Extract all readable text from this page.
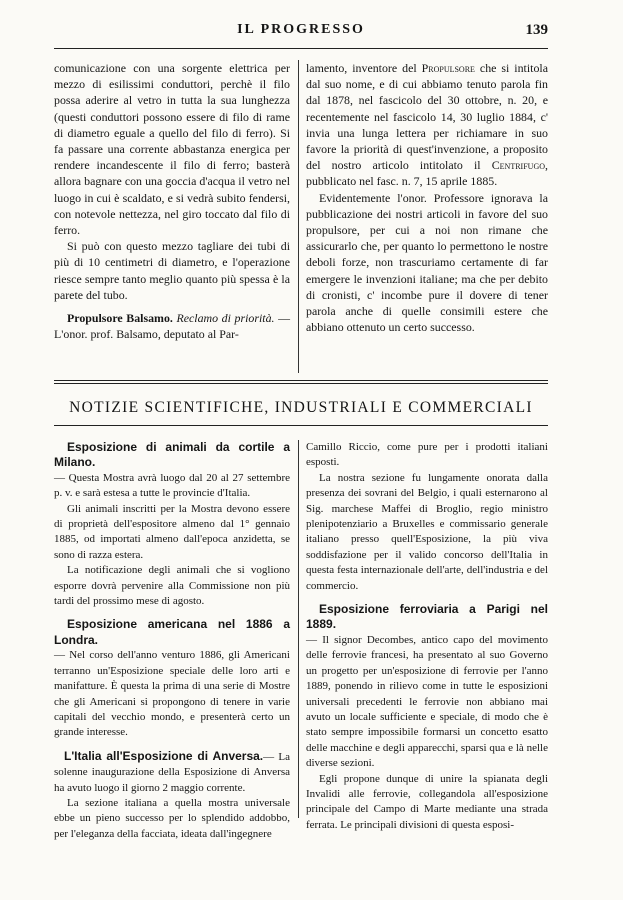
IL PROGRESSO	139

comunicazione con una sorgente elettrica per mezzo di esilissimi conduttori, perchè il filo possa aderire al vetro in tutta la sua lunghezza (questi conduttori possono essere di filo di rame di diametro eguale a quello del filo di ferro). Si fa passare una corrente abbastanza energica per rendere incandescente il filo di ferro; basterà allora bagnare con una goccia d'acqua il vetro nel luogo in cui è scaldato, e si vedrà subito fendersi, con notevole nettezza, nel giro toccato dal filo di ferro.

Si può con questo mezzo tagliare dei tubi di più di 10 centimetri di diametro, e l'operazione riesce sempre tanto meglio quanto più spessa è la parete del tubo.

Propulsore Balsamo. Reclamo di priorità. — L'onor. prof. Balsamo, deputato al Par-

lamento, inventore del Propulsore che si intitola dal suo nome, e di cui abbiamo tenuto parola fin dal 1878, nel fascicolo del 30 ottobre, n. 20, e recentemente nel fascicolo 14, 30 luglio 1884, c' invia una lunga lettera per richiamare in suo favore la priorità di quest'invenzione, a proposito del nostro articolo intitolato il Centrifugo, pubblicato nel fasc. n. 7, 15 aprile 1885.

Evidentemente l'onor. Professore ignorava la pubblicazione dei nostri articoli in favore del suo propulsore, per cui a noi non rimane che assicurarlo che, per quanto lo permettono le nostre deboli forze, non trascuriamo certamente di far emergere le invenzioni italiane; ma che per debito di cronisti, c' incombe pure il dovere di tener parola anche di quelle consimili estere che abbiano ottenuto un certo successo.

NOTIZIE SCIENTIFICHE, INDUSTRIALI E COMMERCIALI

Esposizione di animali da cortile a Milano.

— Questa Mostra avrà luogo dal 20 al 27 settembre p. v. e sarà estesa a tutte le provincie d'Italia.

Gli animali inscritti per la Mostra devono essere di proprietà dell'espositore almeno dal 1° gennaio 1885, od importati almeno dall'epoca anzidetta, se sono di razza estera.

La notificazione degli animali che si vogliono esporre dovrà pervenire alla Commissione non più tardi del prossimo mese di agosto.

Esposizione americana nel 1886 a Londra.

— Nel corso dell'anno venturo 1886, gli Americani terranno un'Esposizione speciale delle loro arti e manifatture. È questa la prima di una serie di Mostre che gli Americani si propongono di tenere in varie capitali del vecchio mondo, e presenterà certo un grande interesse.

L'Italia all'Esposizione di Anversa.— La solenne inaugurazione della Esposizione di Anversa ha avuto luogo il giorno 2 maggio corrente.

La sezione italiana a quella mostra universale ebbe un pieno successo per lo splendido addobbo, per l'eleganza della facciata, ideata dall'ingegnere

Camillo Riccio, come pure per i prodotti italiani esposti.

La nostra sezione fu lungamente onorata dalla presenza dei sovrani del Belgio, i quali esternarono al Sig. marchese Maffei di Broglio, regio ministro plenipotenziario a Bruxelles e commissario generale italiano presso quell'Esposizione, la più viva soddisfazione per il valido concorso dell'Italia in questa festa internazionale dell'arte, dell'industria e del commercio.

Esposizione ferroviaria a Parigi nel 1889.

— Il signor Decombes, antico capo del movimento delle ferrovie francesi, ha presentato al suo Governo un progetto per un'esposizione di ferrovie per l'anno 1889, ponendo in rilievo come in tutte le esposizioni universali precedenti le ferrovie non abbiano mai avuto un locale sufficiente e speciale, di modo che è stato sempre impossibile formarsi un concetto esatto delle macchine e degli apparecchi, sparsi qua e là nelle diverse sezioni.

Egli propone dunque di unire la spianata degli Invalidi alle ferrovie, collegandola all'esposizione principale del Campo di Marte mediante una strada ferrata. Le principali divisioni di questa esposi-
